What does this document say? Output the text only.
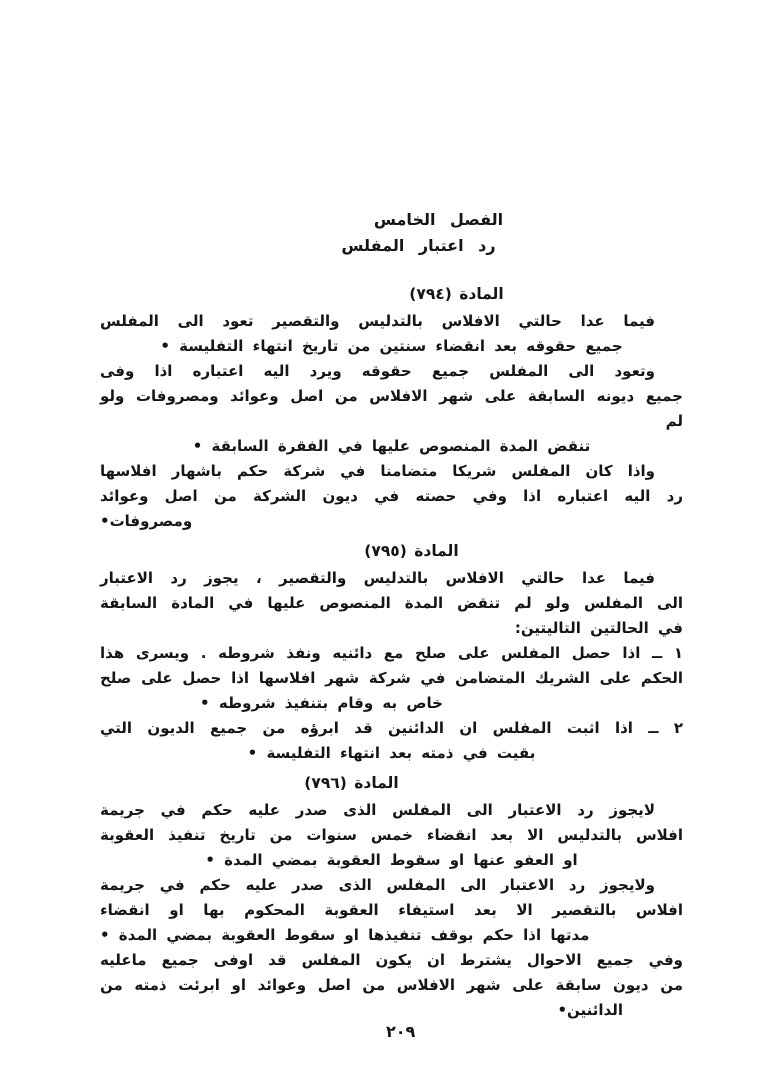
الفصل الخامس
رد اعتبار المفلس
المادة (٧٩٤)
فيما عدا حالتي الافلاس بالتدليس والتقصير تعود الى المفلس
جميع حقوقه بعد انقضاء سنتين من تاريخ انتهاء التفليسة •
وتعود الى المفلس جميع حقوقه ويرد اليه اعتباره اذا وفى
جميع ديونه السابقة على شهر الافلاس من اصل وعوائد ومصروفات ولو لم
تنقض المدة المنصوص عليها في الفقرة السابقة •
واذا كان المفلس شريكا متضامنا في شركة حكم باشهار افلاسها
رد اليه اعتباره اذا وفي حصته في ديون الشركة من اصل وعوائد
ومصروفات•
المادة (٧٩٥)
فيما عدا حالتي الافلاس بالتدليس والتقصير ، يجوز رد الاعتبار
الى المفلس ولو لم تنقض المدة المنصوص عليها في المادة السابقة
في الحالتين التاليتين:
١ ــ اذا حصل المفلس على صلح مع دائنيه ونفذ شروطه . ويسرى هذا
الحكم على الشريك المتضامن في شركة شهر افلاسها اذا حصل على صلح
خاص به وقام بتنفيذ شروطه •
٢ ــ اذا اثبت المفلس ان الدائنين قد ابرؤه من جميع الديون التي
بقيت في ذمته بعد انتهاء التفليسة •
المادة (٧٩٦)
لايجوز رد الاعتبار الى المفلس الذى صدر عليه حكم في جريمة
افلاس بالتدليس الا بعد انقضاء خمس سنوات من تاريخ تنفيذ العقوبة
او العفو عنها او سقوط العقوبة بمضي المدة •
ولايجوز رد الاعتبار الى المفلس الذى صدر عليه حكم في جريمة
افلاس بالتقصير الا بعد استيفاء العقوبة المحكوم بها او انقضاء
مدتها اذا حكم بوقف تنفيذها او سقوط العقوبة بمضي المدة •
وفي جميع الاحوال يشترط ان يكون المفلس قد اوفى جميع ماعليه
من ديون سابقة على شهر الافلاس من اصل وعوائد او ابرئت ذمته من
الدائنين•
٢٠٩
